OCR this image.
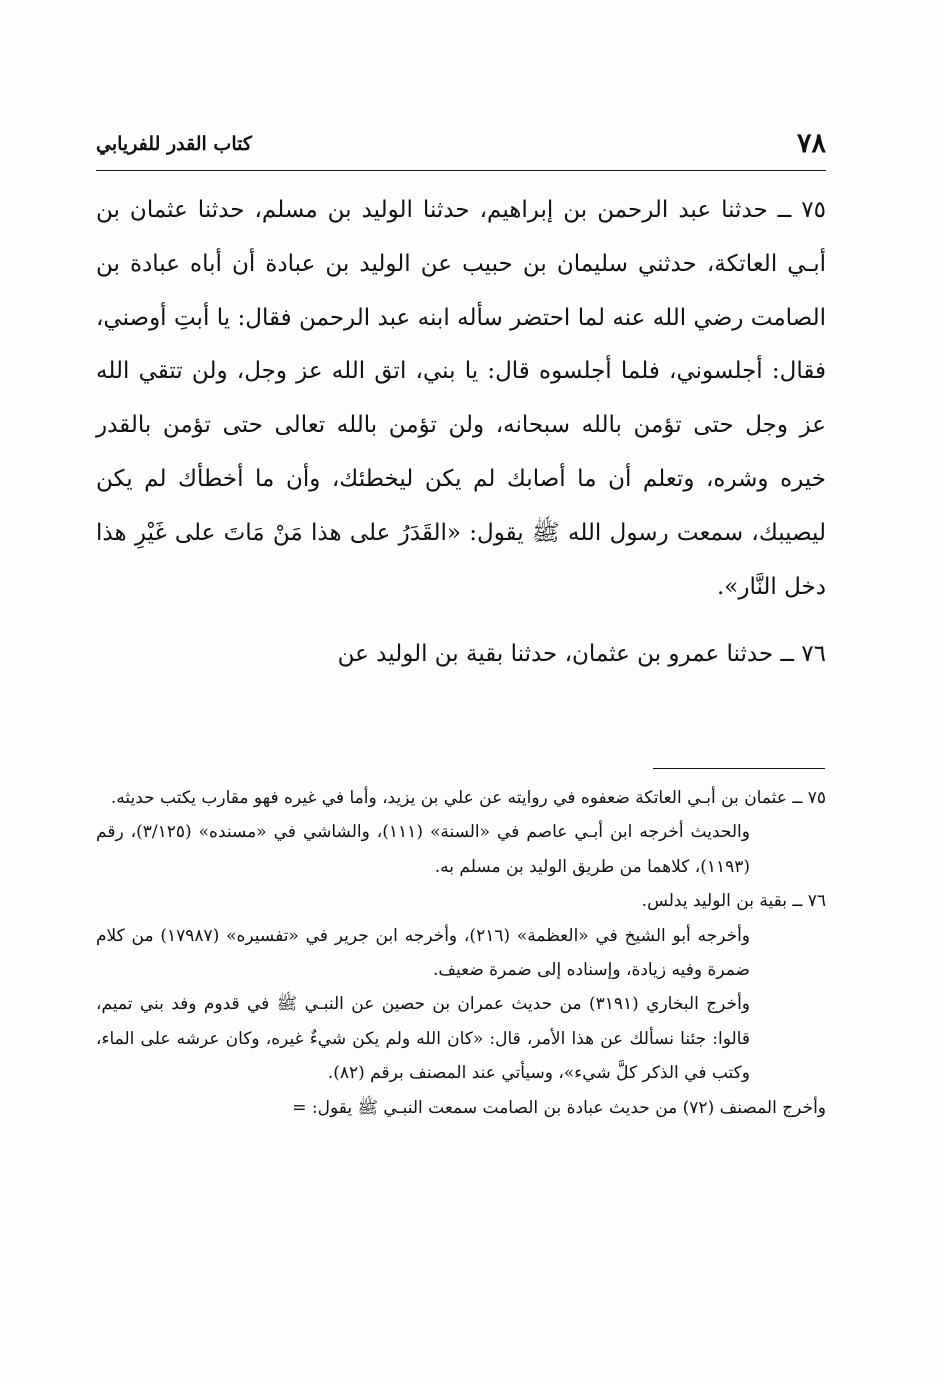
٧٨
كتاب القدر للفريابي

٧٥ ــ حدثنا عبد الرحمن بن إبراهيم، حدثنا الوليد بن مسلم، حدثنا عثمان بن أبـي العاتكة، حدثني سليمان بن حبيب عن الوليد بن عبادة أن أباه عبادة بن الصامت رضي الله عنه لما احتضر سأله ابنه عبد الرحمن فقال: يا أبتِ أوصني، فقال: أجلسوني، فلما أجلسوه قال: يا بني، اتق الله عز وجل، ولن تتقي الله عز وجل حتى تؤمن بالله سبحانه، ولن تؤمن بالله تعالى حتى تؤمن بالقدر خيره وشره، وتعلم أن ما أصابك لم يكن ليخطئك، وأن ما أخطأك لم يكن ليصيبك، سمعت رسول الله ﷺ يقول: «القَدَرُ على هذا مَنْ مَاتَ على غَيْرِ هذا دخل النَّار».

٧٦ ــ حدثنا عمرو بن عثمان، حدثنا بقية بن الوليد عن

٧٥ ــ عثمان بن أبـي العاتكة ضعفوه في روايته عن علي بن يزيد، وأما في غيره فهو مقارب يكتب حديثه.

والحديث أخرجه ابن أبـي عاصم في «السنة» (١١١)، والشاشي في «مسنده» (٣/١٢٥)، رقم (١١٩٣)، كلاهما من طريق الوليد بن مسلم به.

٧٦ ــ بقية بن الوليد يدلس.

وأخرجه أبو الشيخ في «العظمة» (٢١٦)، وأخرجه ابن جرير في «تفسيره» (١٧٩٨٧) من كلام ضمرة وفيه زيادة، وإسناده إلى ضمرة ضعيف.

وأخرج البخاري (٣١٩١) من حديث عمران بن حصين عن النبـي ﷺ في قدوم وفد بني تميم، قالوا: جئنا نسألك عن هذا الأمر، قال: «كان الله ولم يكن شيءٌ غيره، وكان عرشه على الماء، وكتب في الذكر كلَّ شيء»، وسيأتي عند المصنف برقم (٨٢).

وأخرج المصنف (٧٢) من حديث عبادة بن الصامت سمعت النبـي ﷺ يقول: =
